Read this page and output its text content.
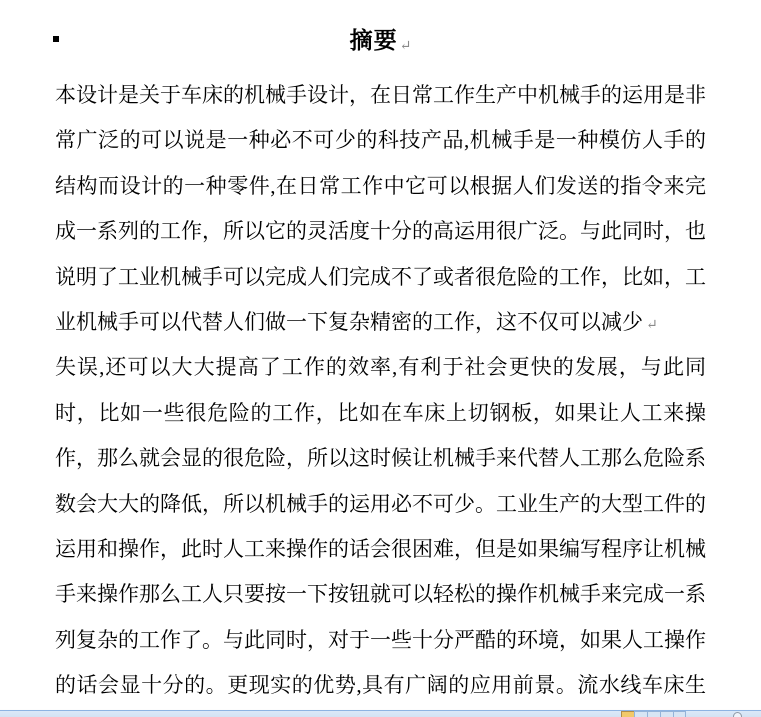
摘要 ↵
本设计是关于车床的机械手设计，在日常工作生产中机械手的运用是非
常广泛的可以说是一种必不可少的科技产品,机械手是一种模仿人手的
结构而设计的一种零件,在日常工作中它可以根据人们发送的指令来完
成一系列的工作，所以它的灵活度十分的高运用很广泛。与此同时，也
说明了工业机械手可以完成人们完成不了或者很危险的工作，比如，工
业机械手可以代替人们做一下复杂精密的工作，这不仅可以减少 ↵
失误,还可以大大提高了工作的效率,有利于社会更快的发展，与此同
时，比如一些很危险的工作，比如在车床上切钢板，如果让人工来操
作，那么就会显的很危险，所以这时候让机械手来代替人工那么危险系
数会大大的降低，所以机械手的运用必不可少。工业生产的大型工件的
运用和操作，此时人工来操作的话会很困难，但是如果编写程序让机械
手来操作那么工人只要按一下按钮就可以轻松的操作机械手来完成一系
列复杂的工作了。与此同时，对于一些十分严酷的环境，如果人工操作
的话会显十分的。更现实的优势,具有广阔的应用前景。流水线车床生
